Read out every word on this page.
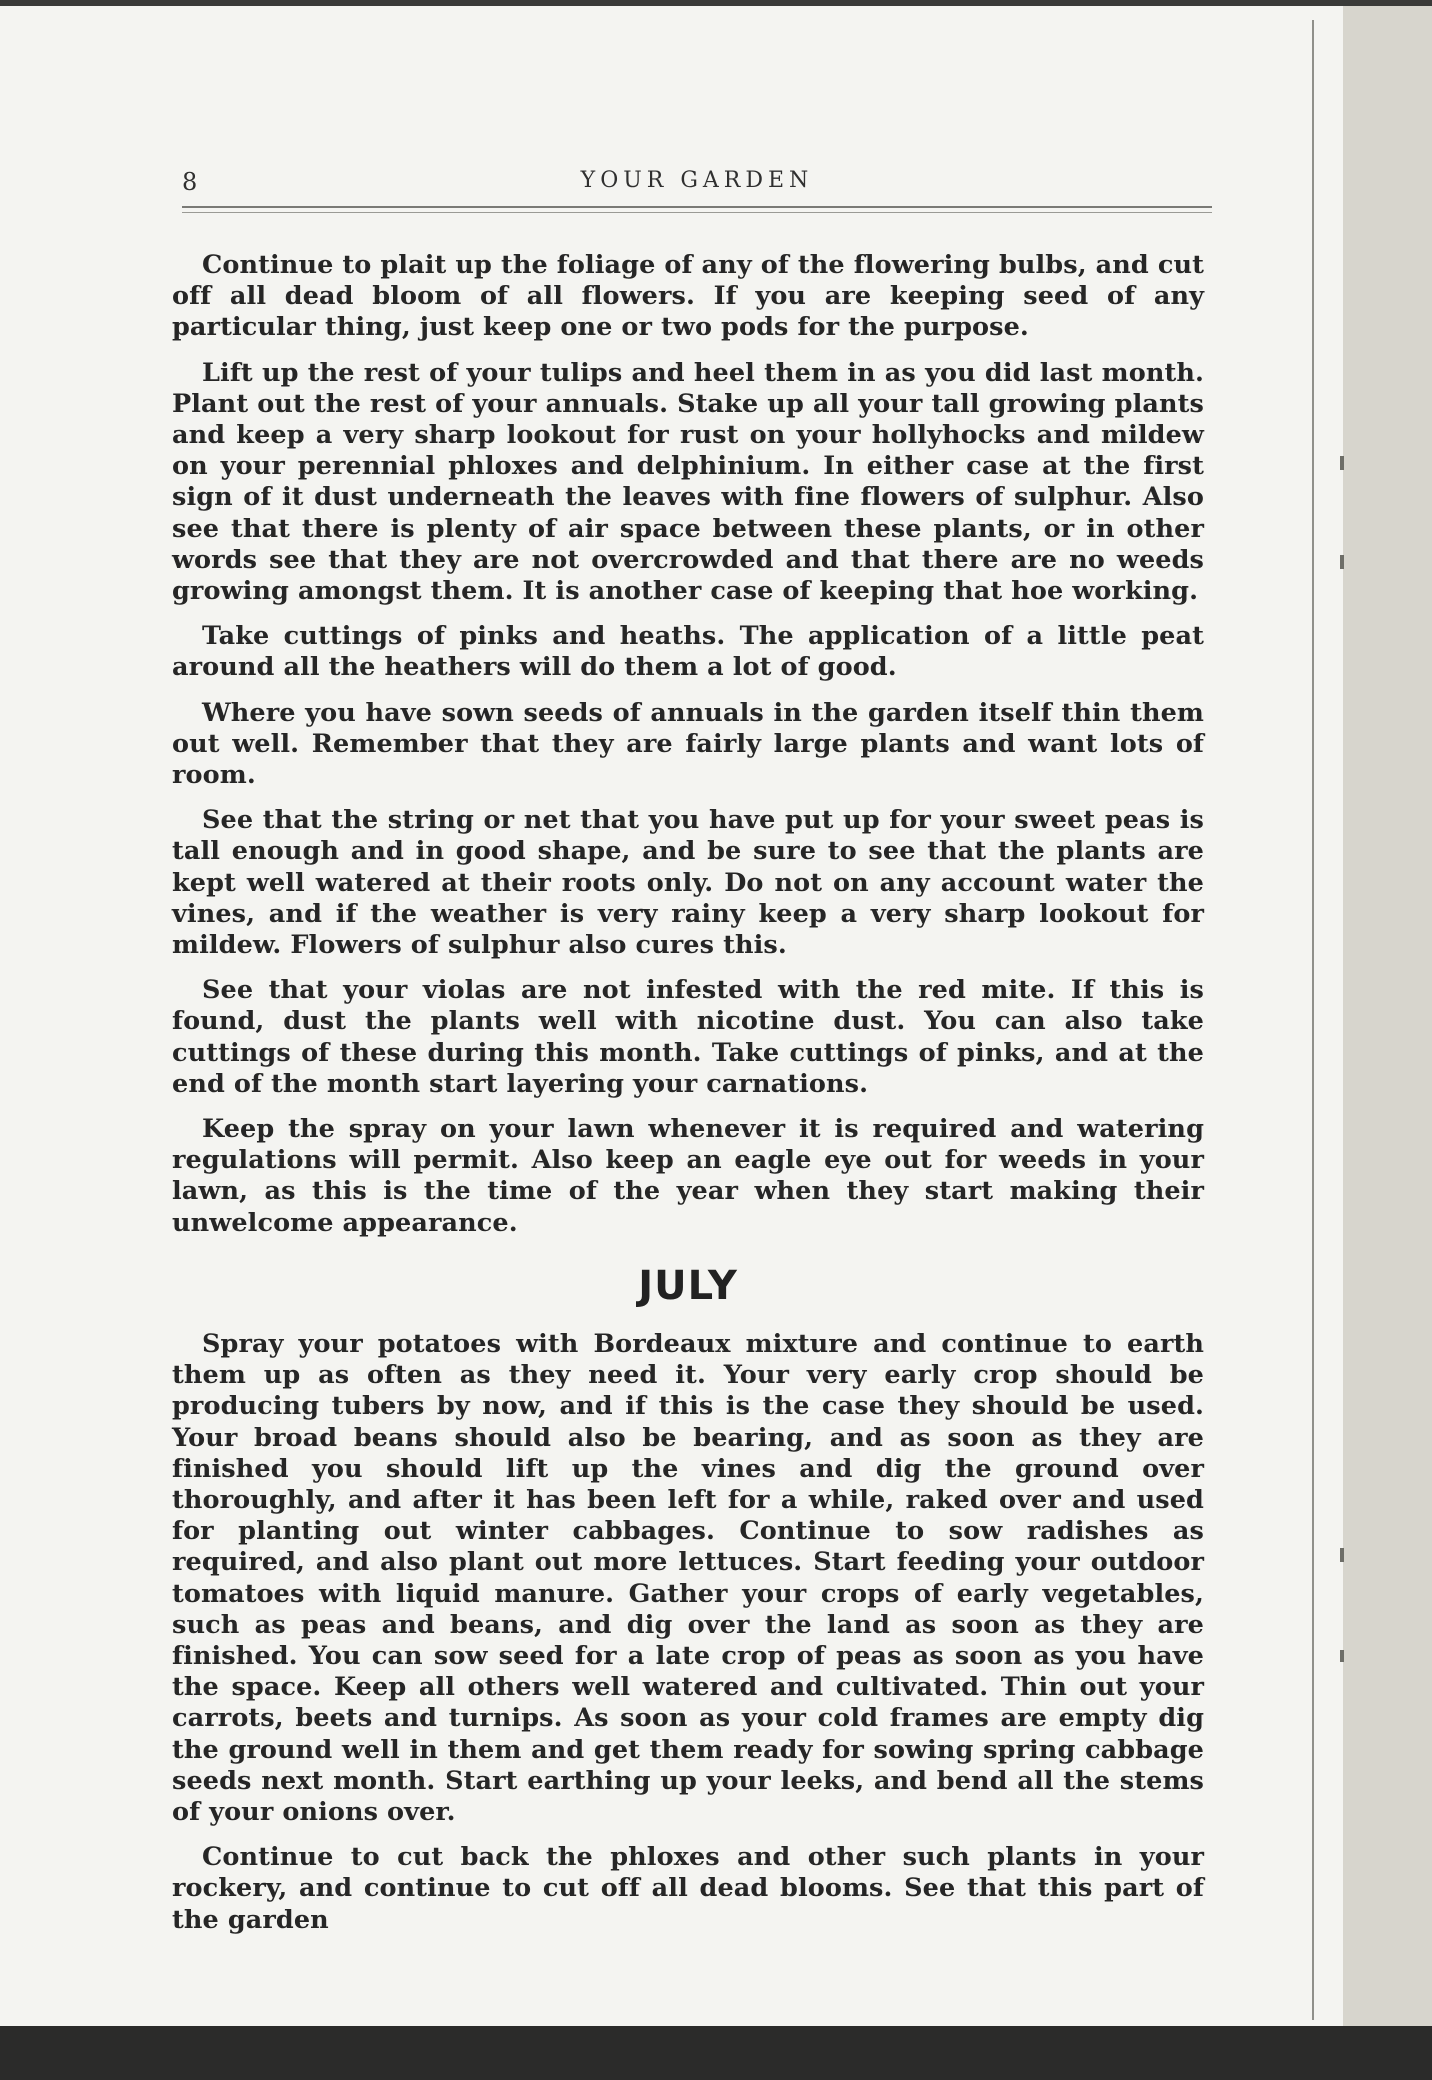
8	YOUR GARDEN

Continue to plait up the foliage of any of the flowering bulbs, and cut off all dead bloom of all flowers. If you are keeping seed of any particular thing, just keep one or two pods for the purpose.

Lift up the rest of your tulips and heel them in as you did last month. Plant out the rest of your annuals. Stake up all your tall growing plants and keep a very sharp lookout for rust on your hollyhocks and mildew on your perennial phloxes and delphinium. In either case at the first sign of it dust underneath the leaves with fine flowers of sulphur. Also see that there is plenty of air space between these plants, or in other words see that they are not overcrowded and that there are no weeds growing amongst them. It is another case of keeping that hoe working.

Take cuttings of pinks and heaths. The application of a little peat around all the heathers will do them a lot of good.

Where you have sown seeds of annuals in the garden itself thin them out well. Remember that they are fairly large plants and want lots of room.

See that the string or net that you have put up for your sweet peas is tall enough and in good shape, and be sure to see that the plants are kept well watered at their roots only. Do not on any account water the vines, and if the weather is very rainy keep a very sharp lookout for mildew. Flowers of sulphur also cures this.

See that your violas are not infested with the red mite. If this is found, dust the plants well with nicotine dust. You can also take cuttings of these during this month. Take cuttings of pinks, and at the end of the month start layering your carnations.

Keep the spray on your lawn whenever it is required and watering regulations will permit. Also keep an eagle eye out for weeds in your lawn, as this is the time of the year when they start making their unwelcome appearance.

JULY

Spray your potatoes with Bordeaux mixture and continue to earth them up as often as they need it. Your very early crop should be producing tubers by now, and if this is the case they should be used. Your broad beans should also be bearing, and as soon as they are finished you should lift up the vines and dig the ground over thoroughly, and after it has been left for a while, raked over and used for planting out winter cabbages. Continue to sow radishes as required, and also plant out more lettuces. Start feeding your outdoor tomatoes with liquid manure. Gather your crops of early vegetables, such as peas and beans, and dig over the land as soon as they are finished. You can sow seed for a late crop of peas as soon as you have the space. Keep all others well watered and cultivated. Thin out your carrots, beets and turnips. As soon as your cold frames are empty dig the ground well in them and get them ready for sowing spring cabbage seeds next month. Start earthing up your leeks, and bend all the stems of your onions over.

Continue to cut back the phloxes and other such plants in your rockery, and continue to cut off all dead blooms. See that this part of the garden
